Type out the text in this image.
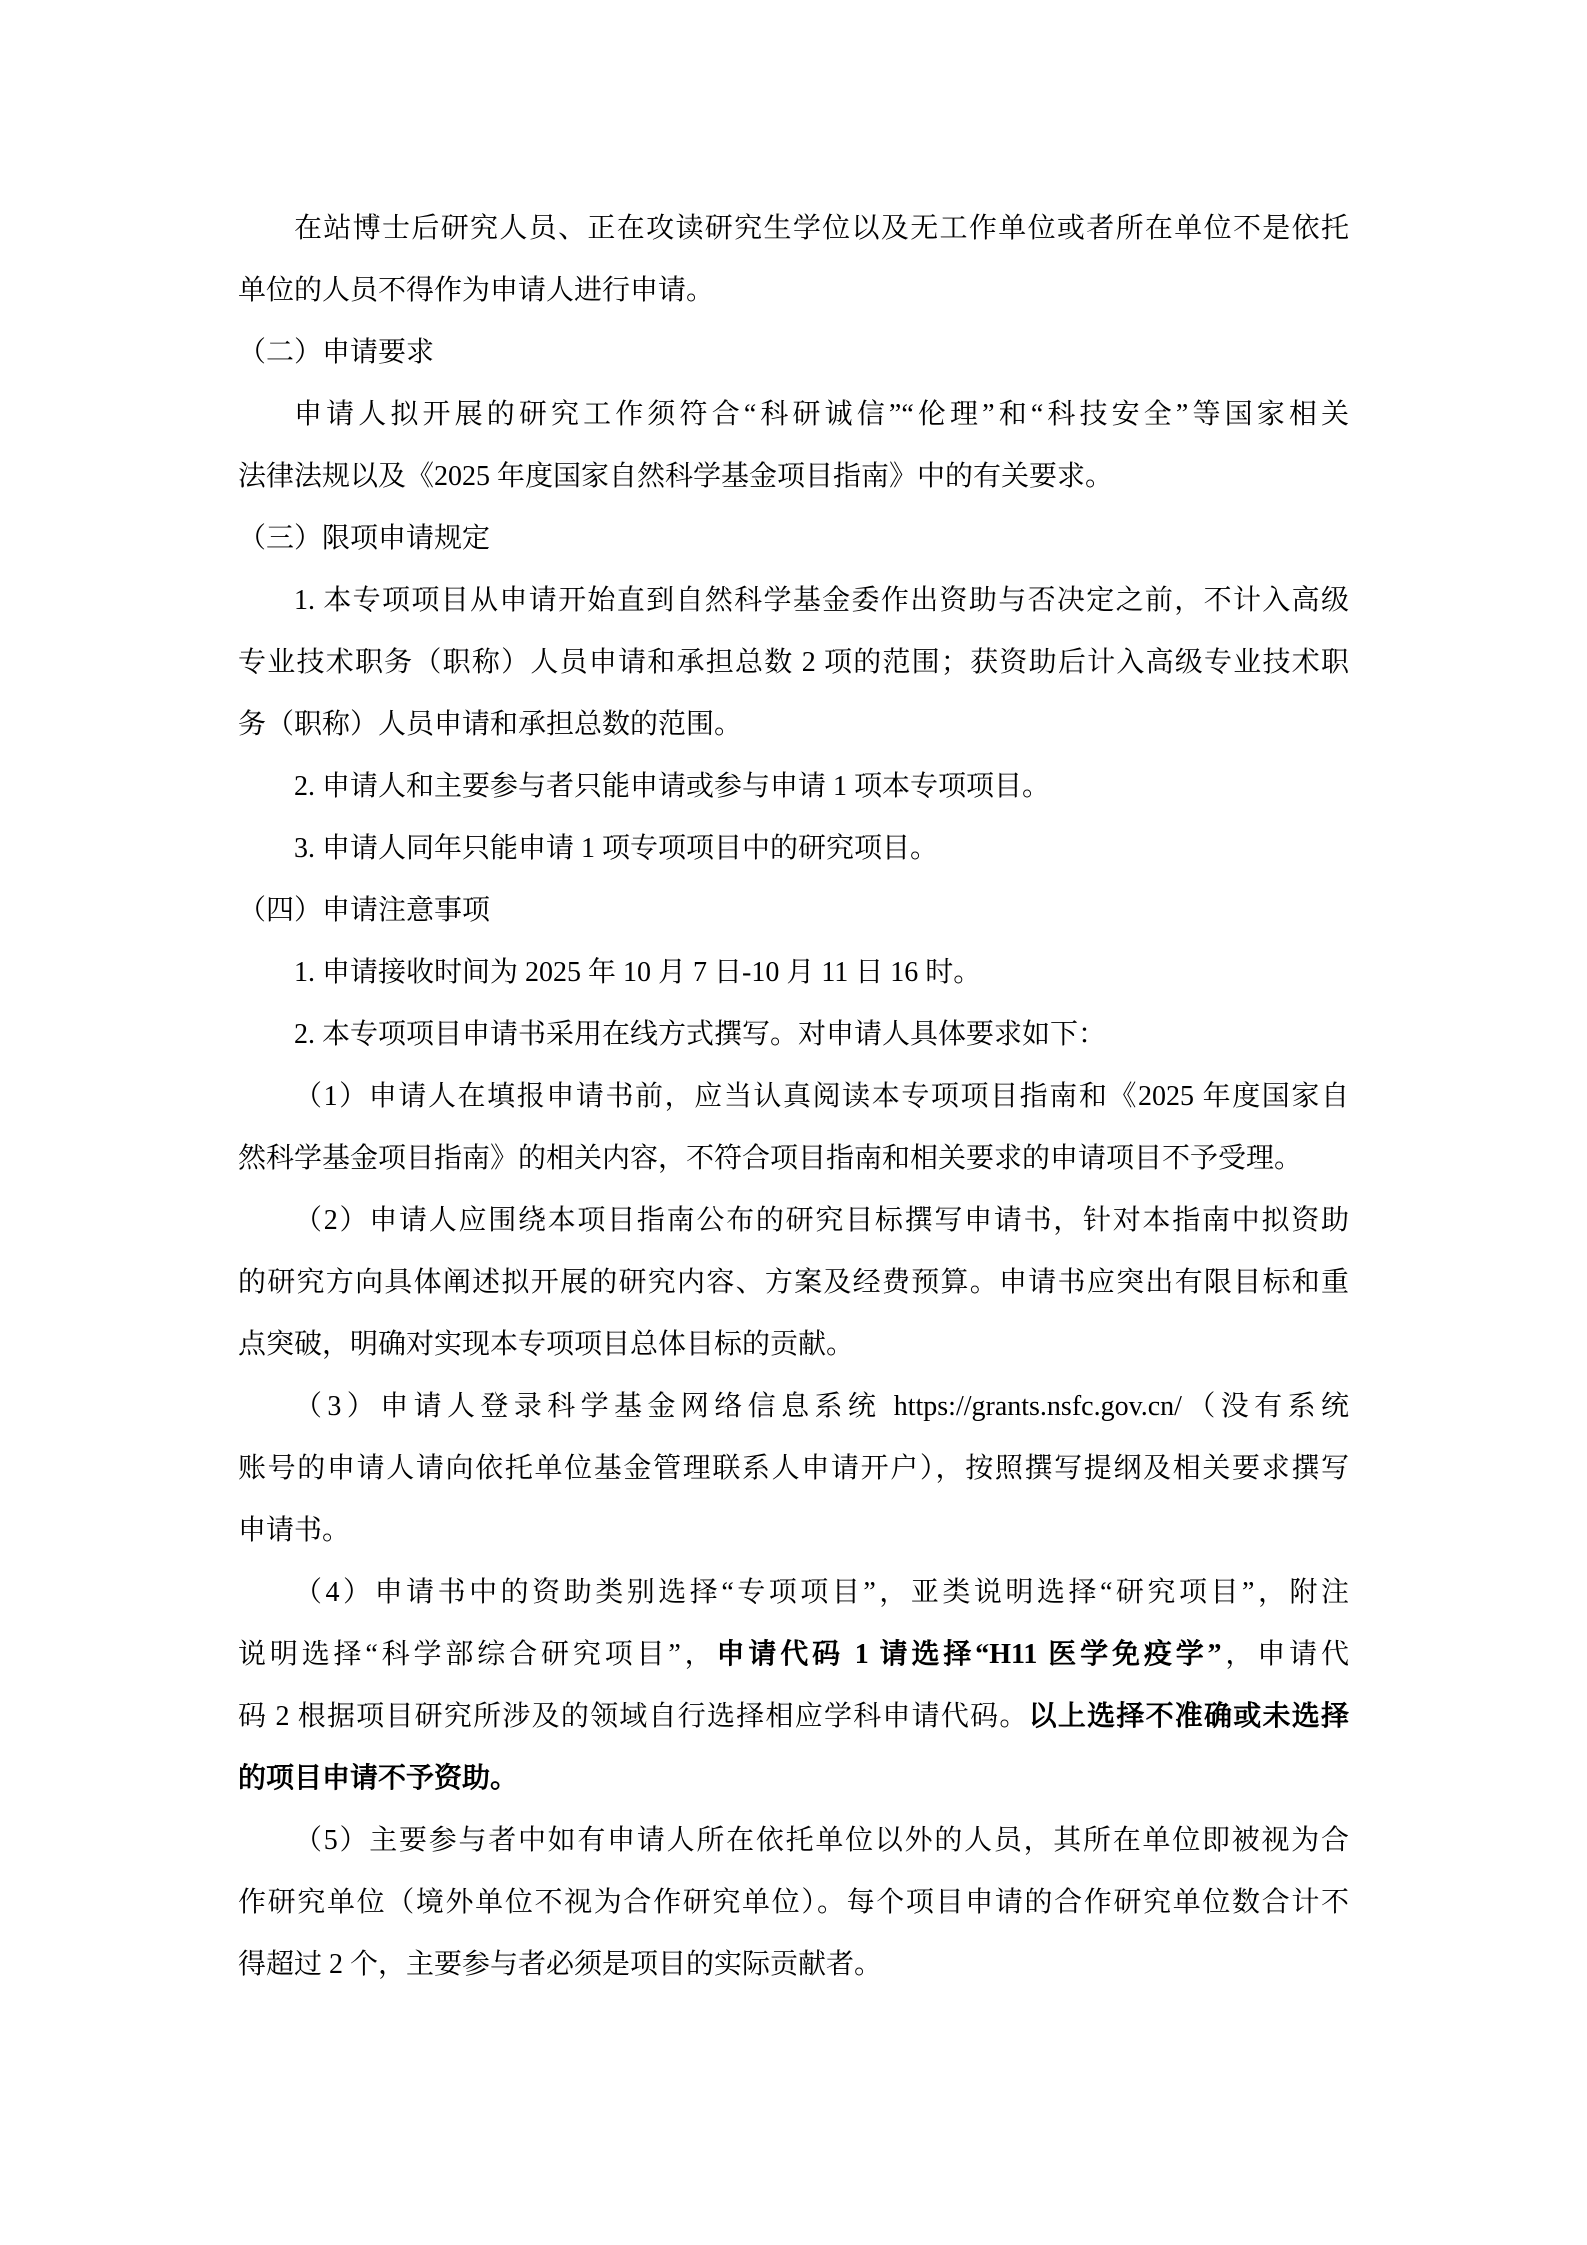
在站博士后研究人员、正在攻读研究生学位以及无工作单位或者所在单位不是依托
单位的人员不得作为申请人进行申请。
（二）申请要求
申请人拟开展的研究工作须符合“科研诚信”“伦理”和“科技安全”等国家相关
法律法规以及《2025 年度国家自然科学基金项目指南》中的有关要求。
（三）限项申请规定
1. 本专项项目从申请开始直到自然科学基金委作出资助与否决定之前，不计入高级
专业技术职务（职称）人员申请和承担总数 2 项的范围；获资助后计入高级专业技术职
务（职称）人员申请和承担总数的范围。
2. 申请人和主要参与者只能申请或参与申请 1 项本专项项目。
3. 申请人同年只能申请 1 项专项项目中的研究项目。
（四）申请注意事项
1. 申请接收时间为 2025 年 10 月 7 日-10 月 11 日 16 时。
2. 本专项项目申请书采用在线方式撰写。对申请人具体要求如下：
（1）申请人在填报申请书前，应当认真阅读本专项项目指南和《2025 年度国家自
然科学基金项目指南》的相关内容，不符合项目指南和相关要求的申请项目不予受理。
（2）申请人应围绕本项目指南公布的研究目标撰写申请书，针对本指南中拟资助
的研究方向具体阐述拟开展的研究内容、方案及经费预算。申请书应突出有限目标和重
点突破，明确对实现本专项项目总体目标的贡献。
（3）申请人登录科学基金网络信息系统 https://grants.nsfc.gov.cn/（没有系统
账号的申请人请向依托单位基金管理联系人申请开户），按照撰写提纲及相关要求撰写
申请书。
（4）申请书中的资助类别选择“专项项目”，亚类说明选择“研究项目”，附注
说明选择“科学部综合研究项目”，申请代码 1 请选择“H11 医学免疫学”，申请代
码 2 根据项目研究所涉及的领域自行选择相应学科申请代码。以上选择不准确或未选择
的项目申请不予资助。
（5）主要参与者中如有申请人所在依托单位以外的人员，其所在单位即被视为合
作研究单位（境外单位不视为合作研究单位）。每个项目申请的合作研究单位数合计不
得超过 2 个，主要参与者必须是项目的实际贡献者。
